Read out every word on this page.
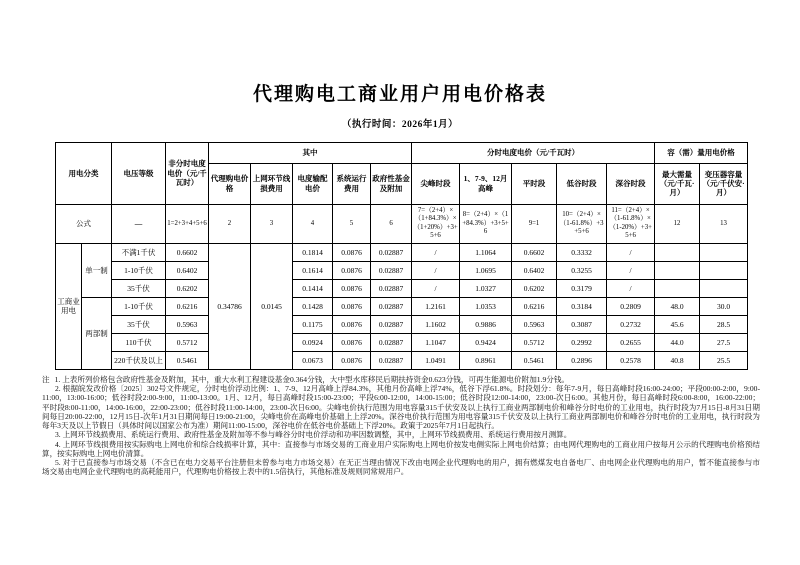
代理购电工商业用户用电价格表
（执行时间：2026年1月）
用电分类		电压等级	非分时电度电价（元/千瓦时）	其中					分时电度电价（元/千瓦时）					容（需）量用电价格	
				代理购电价格	上网环节线损费用	电度输配电价	系统运行费用	政府性基金及附加	尖峰时段	1、7-9、12月高峰	平时段	低谷时段	深谷时段	最大需量（元/千瓦·月）	变压器容量（元/千伏安·月）
公式		—	1=2+3+4+5+6	2	3	4	5	6	7=（2+4）×（1+84.3%）×（1+20%）+3+5+6	8=（2+4）×（1+84.3%）+3+5+6	9=1	10=（2+4）×（1-61.8%）+3+5+6	11=（2+4）×（1-61.8%）×（1-20%）+3+5+6	12	13
工商业用电	单一制	不满1千伏	0.6602	0.34786	0.0145	0.1814	0.0876	0.02887	/	1.1064	0.6602	0.3332	/		
		1-10千伏	0.6402			0.1614	0.0876	0.02887	/	1.0695	0.6402	0.3255	/		
		35千伏	0.6202			0.1414	0.0876	0.02887	/	1.0327	0.6202	0.3179	/		
	两部制	1-10千伏	0.6216			0.1428	0.0876	0.02887	1.2161	1.0353	0.6216	0.3184	0.2809	48.0	30.0
		35千伏	0.5963			0.1175	0.0876	0.02887	1.1602	0.9886	0.5963	0.3087	0.2732	45.6	28.5
		110千伏	0.5712			0.0924	0.0876	0.02887	1.1047	0.9424	0.5712	0.2992	0.2655	44.0	27.5
		220千伏及以上	0.5461			0.0673	0.0876	0.02887	1.0491	0.8961	0.5461	0.2896	0.2578	40.8	25.5

注 1. 上表所列价格包含政府性基金及附加，其中，重大水利工程建设基金0.364分钱，大中型水库移民后期扶持资金0.623分钱，可再生能源电价附加1.9分钱。

2. 根据皖发改价格〔2025〕302号文件规定，分时电价浮动比例：1、7-9、12月高峰上浮84.3%，其他月份高峰上浮74%，低谷下浮61.8%。时段划分：每年7-9月，每日高峰时段16:00-24:00；平段00:00-2:00，9:00-11:00，13:00-16:00；低谷时段2:00-9:00，11:00-13:00。1月、12月，每日高峰时段15:00-23:00；平段6:00-12:00，14:00-15:00；低谷时段12:00-14:00，23:00-次日6:00。其他月份，每日高峰时段6:00-8:00，16:00-22:00；平时段8:00-11:00，14:00-16:00，22:00-23:00；低谷时段11:00-14:00，23:00-次日6:00。尖峰电价执行范围为用电容量315千伏安及以上执行工商业两部制电价和峰谷分时电价的工业用电，执行时段为7月15日-8月31日期间每日20:00-22:00，12月15日-次年1月31日期间每日19:00-21:00，尖峰电价在高峰电价基础上上浮20%。深谷电价执行范围为用电容量315千伏安及以上执行工商业两部制电价和峰谷分时电价的工业用电，执行时段为每年3天及以上节假日（具体时间以国家公布为准）期间11:00-15:00，深谷电价在低谷电价基础上下浮20%。政策于2025年7月1日起执行。

3. 上网环节线损费用、系统运行费用、政府性基金及附加等不参与峰谷分时电价浮动和功率因数调整，其中，上网环节线损费用、系统运行费用按月测算。

4. 上网环节线损费用按实际购电上网电价和综合线损率计算，其中：直接参与市场交易的工商业用户实际购电上网电价按发电侧实际上网电价结算；由电网代理购电的工商业用户按每月公示的代理购电价格预结算，按实际购电上网电价清算。

5. 对于已直接参与市场交易（不含已在电力交易平台注册但未曾参与电力市场交易）在无正当理由情况下改由电网企业代理购电的用户，拥有燃煤发电自备电厂、由电网企业代理购电的用户，暂不能直接参与市场交易由电网企业代理购电的高耗能用户，代理购电价格按上表中的1.5倍执行，其他标准及规则同常规用户。
